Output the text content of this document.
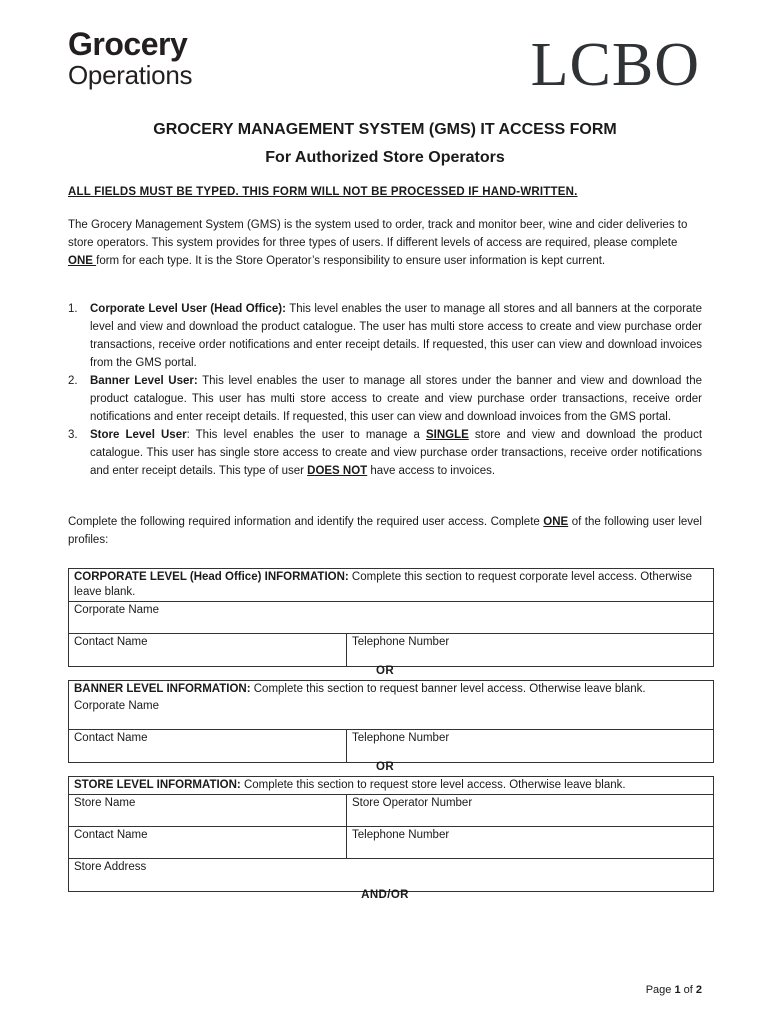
Grocery
Operations	LCBO
GROCERY MANAGEMENT SYSTEM (GMS) IT ACCESS FORM
For Authorized Store Operators
ALL FIELDS MUST BE TYPED. THIS FORM WILL NOT BE PROCESSED IF HAND-WRITTEN.
The Grocery Management System (GMS) is the system used to order, track and monitor beer, wine and cider deliveries to store operators. This system provides for three types of users. If different levels of access are required, please complete ONE form for each type. It is the Store Operator’s responsibility to ensure user information is kept current.
1. Corporate Level User (Head Office): This level enables the user to manage all stores and all banners at the corporate level and view and download the product catalogue. The user has multi store access to create and view purchase order transactions, receive order notifications and enter receipt details. If requested, this user can view and download invoices from the GMS portal.
2. Banner Level User: This level enables the user to manage all stores under the banner and view and download the product catalogue. This user has multi store access to create and view purchase order transactions, receive order notifications and enter receipt details. If requested, this user can view and download invoices from the GMS portal.
3. Store Level User: This level enables the user to manage a SINGLE store and view and download the product catalogue. This user has single store access to create and view purchase order transactions, receive order notifications and enter receipt details. This type of user DOES NOT have access to invoices.
Complete the following required information and identify the required user access. Complete ONE of the following user level profiles:
CORPORATE LEVEL (Head Office) INFORMATION: Complete this section to request corporate level access. Otherwise leave blank.
Corporate Name
Contact Name	Telephone Number
OR
BANNER LEVEL INFORMATION: Complete this section to request banner level access. Otherwise leave blank.
Corporate Name
Contact Name	Telephone Number
OR
STORE LEVEL INFORMATION: Complete this section to request store level access. Otherwise leave blank.
Store Name	Store Operator Number
Contact Name	Telephone Number
Store Address
AND/OR
Page 1 of 2
